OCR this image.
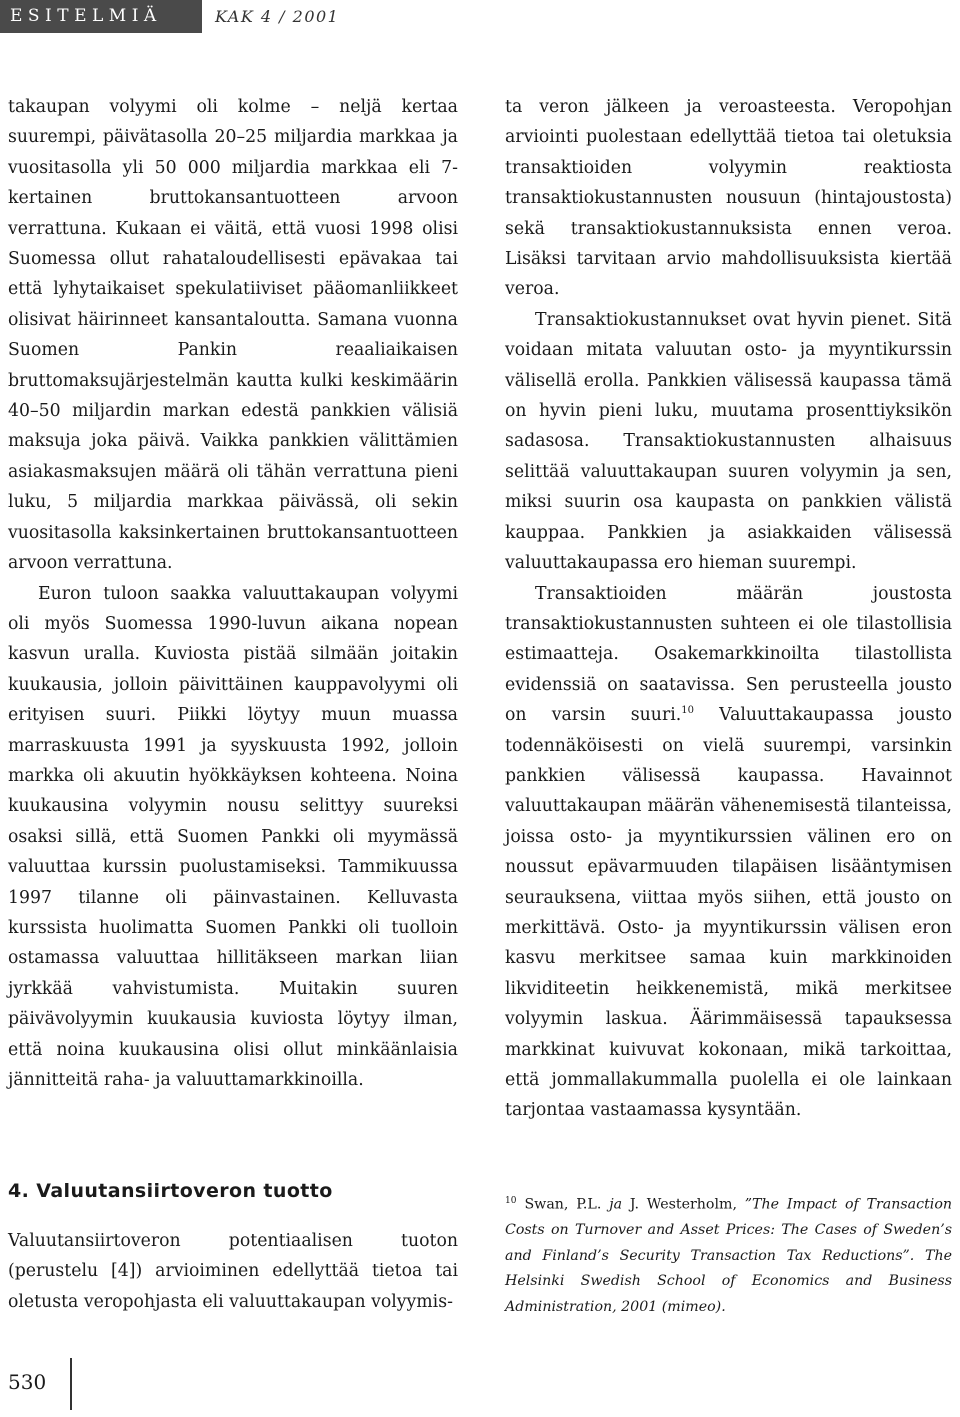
ESITELMIÄ	KAK 4 / 2001

takaupan volyymi oli kolme – neljä kertaa suurempi, päivätasolla 20–25 miljardia markkaa ja vuositasolla yli 50 000 miljardia markkaa eli 7-kertainen bruttokansantuotteen arvoon verrattuna. Kukaan ei väitä, että vuosi 1998 olisi Suomessa ollut rahataloudellisesti epävakaa tai että lyhytaikaiset spekulatiiviset pääomanliikkeet olisivat häirinneet kansantaloutta. Samana vuonna Suomen Pankin reaaliaikaisen bruttomaksujärjestelmän kautta kulki keskimäärin 40–50 miljardin markan edestä pankkien välisiä maksuja joka päivä. Vaikka pankkien välittämien asiakasmaksujen määrä oli tähän verrattuna pieni luku, 5 miljardia markkaa päivässä, oli sekin vuositasolla kaksinkertainen bruttokansantuotteen arvoon verrattuna.

Euron tuloon saakka valuuttakaupan volyymi oli myös Suomessa 1990-luvun aikana nopean kasvun uralla. Kuviosta pistää silmään joitakin kuukausia, jolloin päivittäinen kauppavolyymi oli erityisen suuri. Piikki löytyy muun muassa marraskuusta 1991 ja syyskuusta 1992, jolloin markka oli akuutin hyökkäyksen kohteena. Noina kuukausina volyymin nousu selittyy suureksi osaksi sillä, että Suomen Pankki oli myymässä valuuttaa kurssin puolustamiseksi. Tammikuussa 1997 tilanne oli päinvastainen. Kelluvasta kurssista huolimatta Suomen Pankki oli tuolloin ostamassa valuuttaa hillitäkseen markan liian jyrkkää vahvistumista. Muitakin suuren päivävolyymin kuukausia kuviosta löytyy ilman, että noina kuukausina olisi ollut minkäänlaisia jännitteitä raha- ja valuuttamarkkinoilla.

ta veron jälkeen ja veroasteesta. Veropohjan arviointi puolestaan edellyttää tietoa tai oletuksia transaktioiden volyymin reaktiosta transaktiokustannusten nousuun (hintajoustosta) sekä transaktiokustannuksista ennen veroa. Lisäksi tarvitaan arvio mahdollisuuksista kiertää veroa.

Transaktiokustannukset ovat hyvin pienet. Sitä voidaan mitata valuutan osto- ja myyntikurssin välisellä erolla. Pankkien välisessä kaupassa tämä on hyvin pieni luku, muutama prosenttiyksikön sadasosa. Transaktiokustannusten alhaisuus selittää valuuttakaupan suuren volyymin ja sen, miksi suurin osa kaupasta on pankkien välistä kauppaa. Pankkien ja asiakkaiden välisessä valuuttakaupassa ero hieman suurempi.

Transaktioiden määrän joustosta transaktiokustannusten suhteen ei ole tilastollisia estimaatteja. Osakemarkkinoilta tilastollista evidenssiä on saatavissa. Sen perusteella jousto on varsin suuri.$^{10}$ Valuuttakaupassa jousto todennäköisesti on vielä suurempi, varsinkin pankkien välisessä kaupassa. Havainnot valuuttakaupan määrän vähenemisestä tilanteissa, joissa osto- ja myyntikurssien välinen ero on noussut epävarmuuden tilapäisen lisääntymisen seurauksena, viittaa myös siihen, että jousto on merkittävä. Osto- ja myyntikurssin välisen eron kasvu merkitsee samaa kuin markkinoiden likviditeetin heikkenemistä, mikä merkitsee volyymin laskua. Äärimmäisessä tapauksessa markkinat kuivuvat kokonaan, mikä tarkoittaa, että jommallakummalla puolella ei ole lainkaan tarjontaa vastaamassa kysyntään.

4. Valuutansiirtoveron tuotto

Valuutansiirtoveron potentiaalisen tuoton (perustelu [4]) arvioiminen edellyttää tietoa tai oletusta veropohjasta eli valuuttakaupan volyymis-

$^{10}$ Swan, P.L. ja J. Westerholm, ”The Impact of Transaction Costs on Turnover and Asset Prices: The Cases of Sweden’s and Finland’s Security Transaction Tax Reductions”. The Helsinki Swedish School of Economics and Business Administration, 2001 (mimeo).
530
